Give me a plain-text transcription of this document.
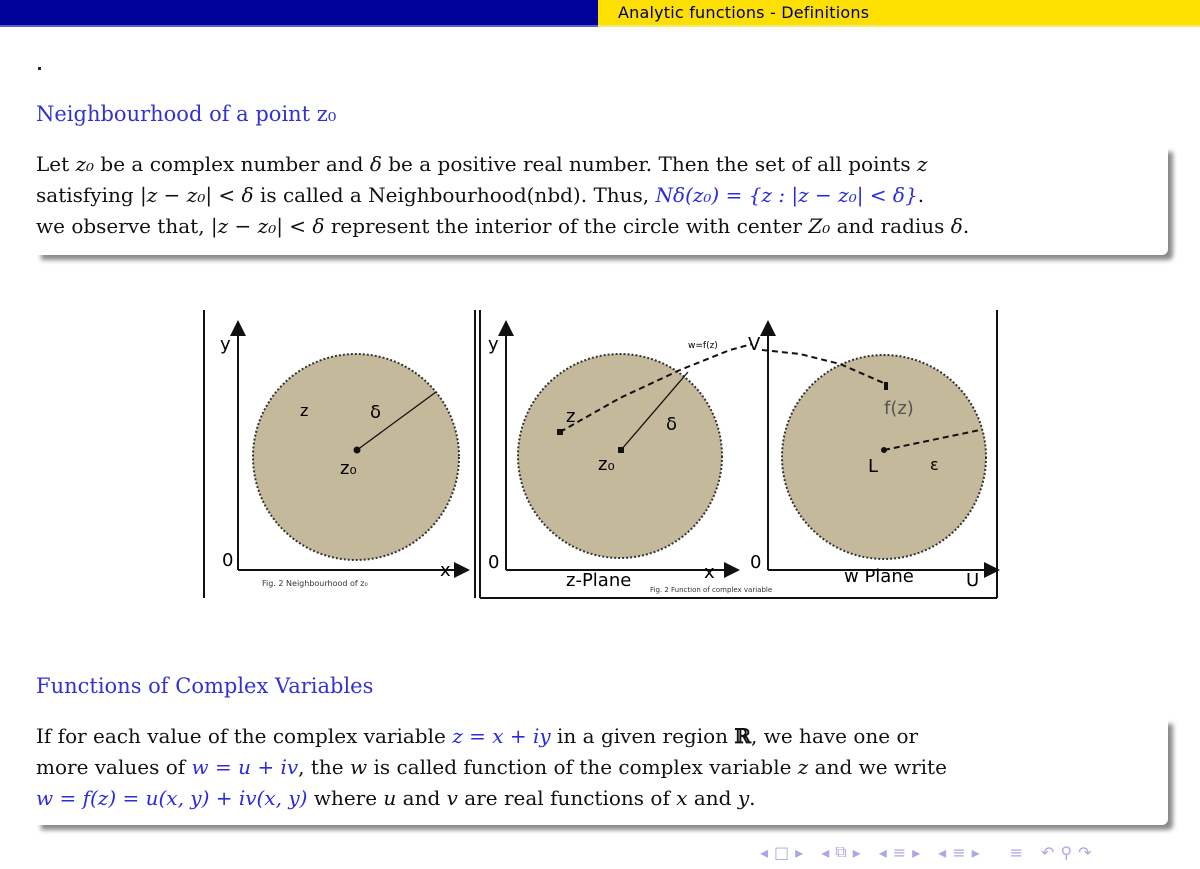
Analytic functions - Definitions
Neighbourhood of a point z₀
Let z₀ be a complex number and δ be a positive real number. Then the set of all points z
satisfying |z − z₀| < δ is called a Neighbourhood(nbd). Thus, Nδ(z₀) = {z : |z − z₀| < δ}.
we observe that, |z − z₀| < δ represent the interior of the circle with center Z₀ and radius δ.
y
x
0
z	δ
z₀
Fig. 2 Neighbourhood of z₀
y
x
0
z	δ
z₀
w=f(z)
z-Plane	Fig. 2 Function of complex variable
V
U
0
f(z)
ε
L
w Plane
Functions of Complex Variables
If for each value of the complex variable z = x + iy in a given region ℝ, we have one or
more values of w = u + iv, the w is called function of the complex variable z and we write
w = f(z) = u(x, y) + iv(x, y) where u and v are real functions of x and y.
◂ □ ▸ ◂ ⧉ ▸ ◂ ≡ ▸ ◂ ≡ ▸ ≡ ↶ ⚲ ↷
